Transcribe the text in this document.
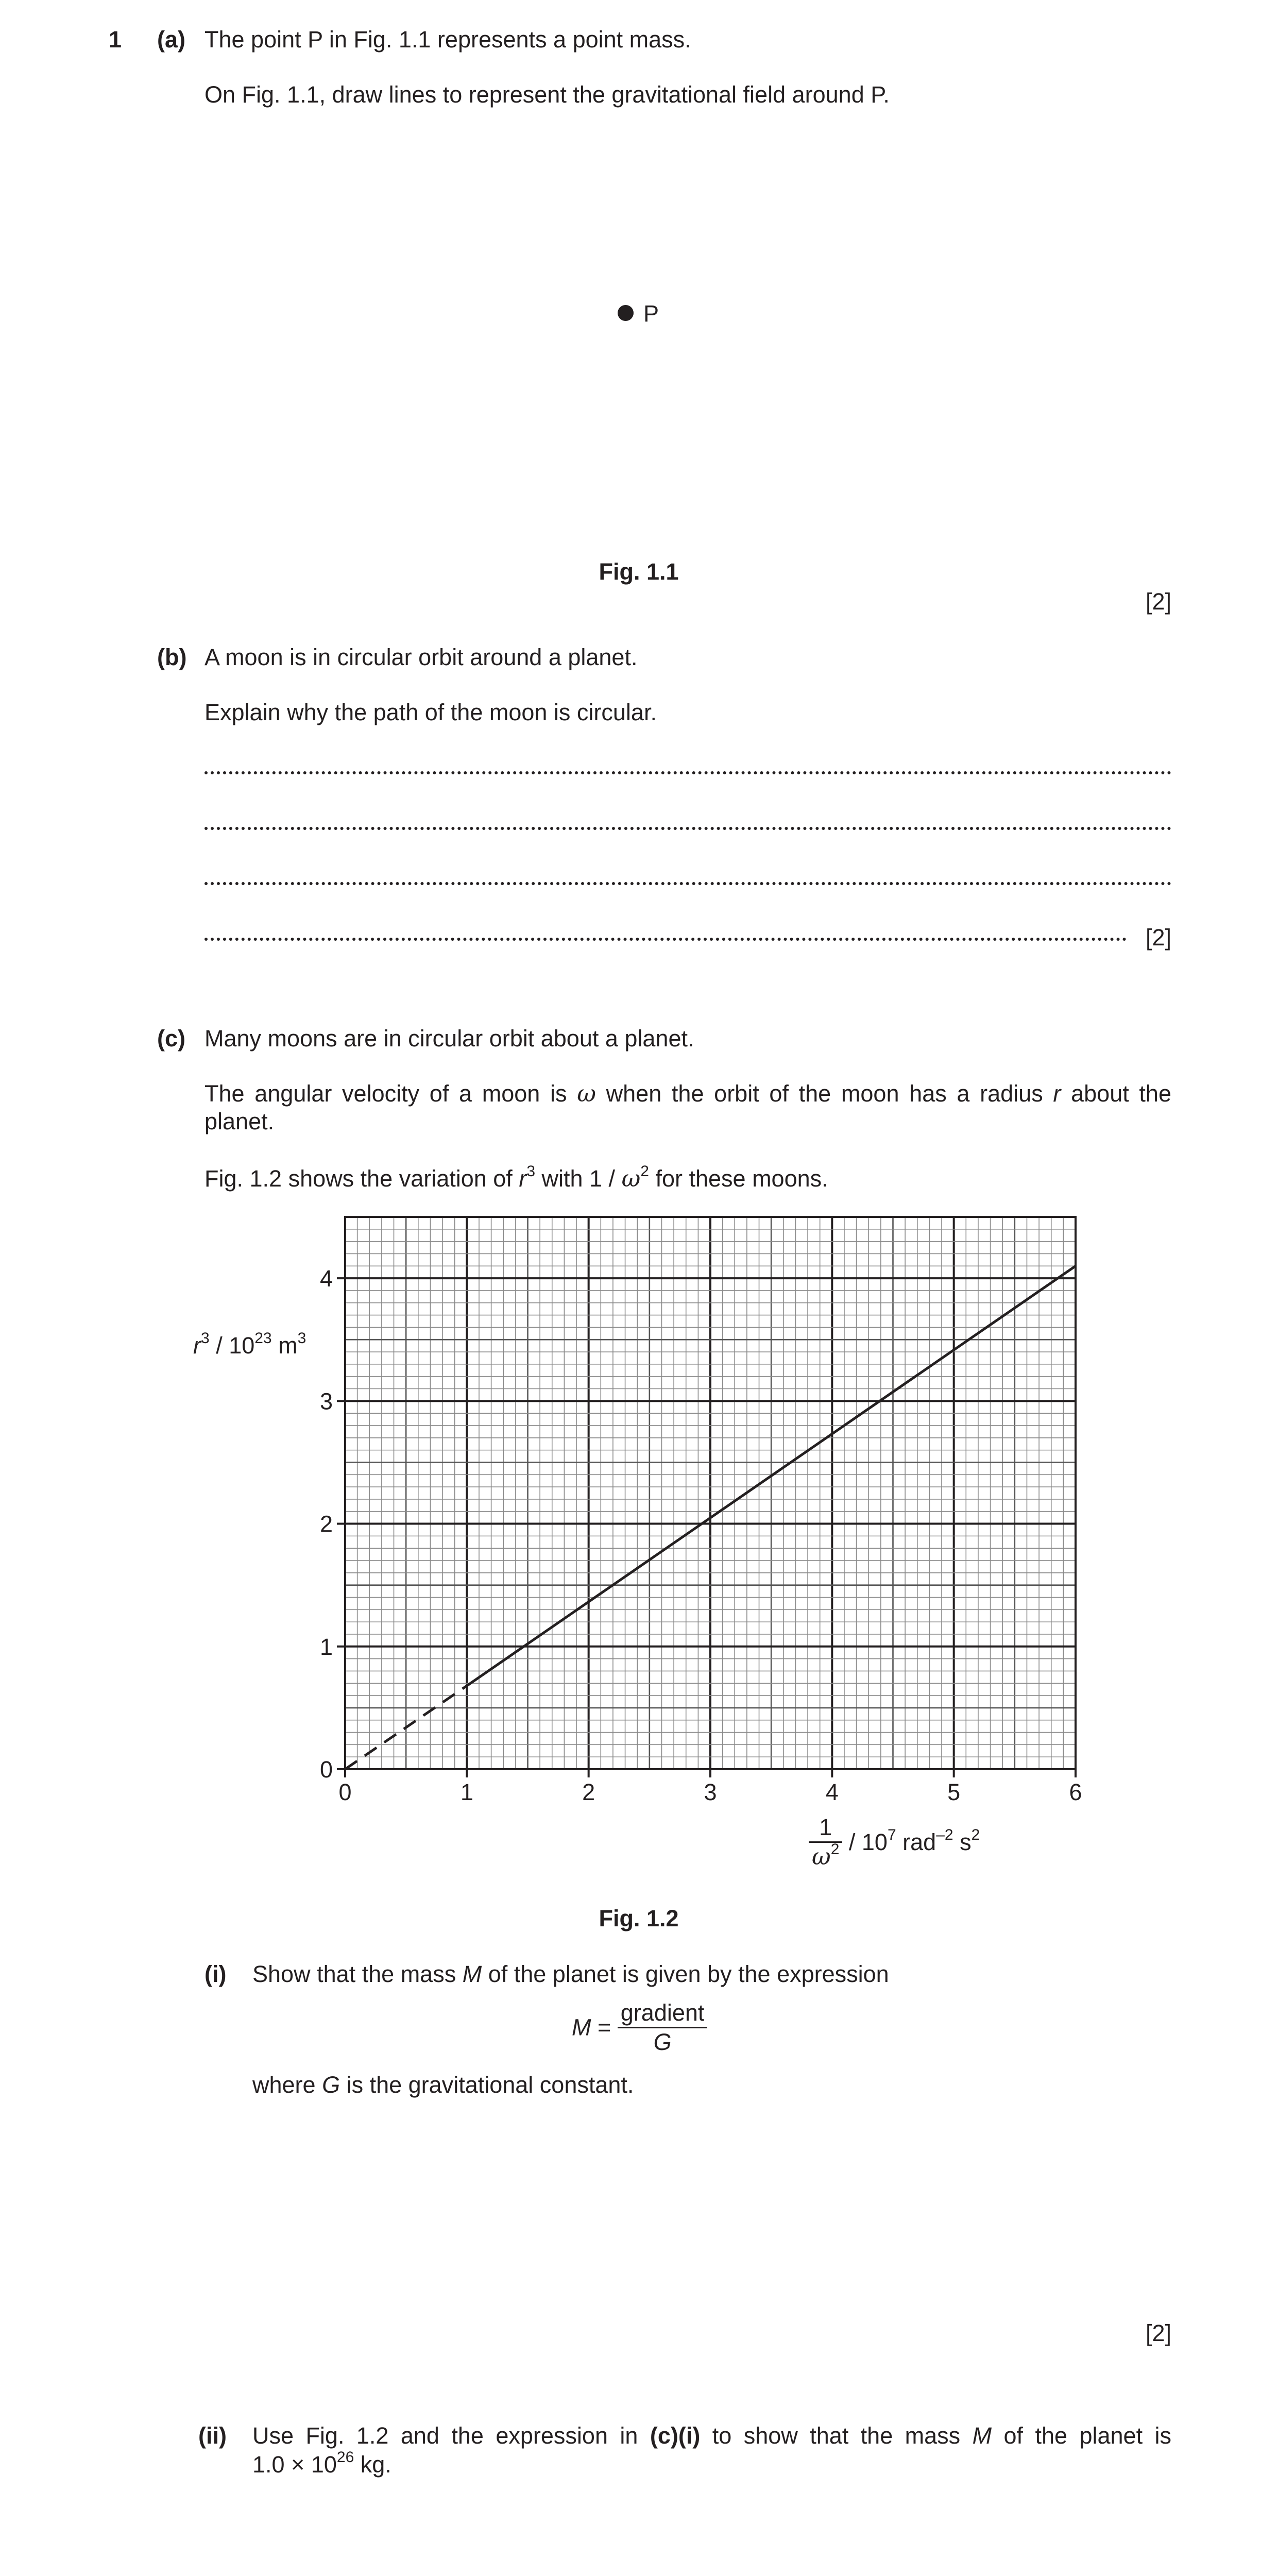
1 (a) The point P in Fig. 1.1 represents a point mass.
On Fig. 1.1, draw lines to represent the gravitational field around P.
P
Fig. 1.1
[2]
(b) A moon is in circular orbit around a planet.
Explain why the path of the moon is circular.
[2]
(c) Many moons are in circular orbit about a planet.
The angular velocity of a moon is ω when the orbit of the moon has a radius r about the planet.
Fig. 1.2 shows the variation of $r^3$ with $1 / \omega^2$ for these moons.
0	1	2	3	4	5	6
0
1
2
3
4
$r^3 / 10^{23}$ $m^3$
$\frac{1}{\omega^2} / 10^7$ rad$^{-2}$ $s^2$
Fig. 1.2
(i) Show that the mass M of the planet is given by the expression
$M = \frac{\text{gradient}}{G}$
where G is the gravitational constant.
[2]
(ii) Use Fig. 1.2 and the expression in (c)(i) to show that the mass M of the planet is
$1.0 \times 10^{26}$ kg.
